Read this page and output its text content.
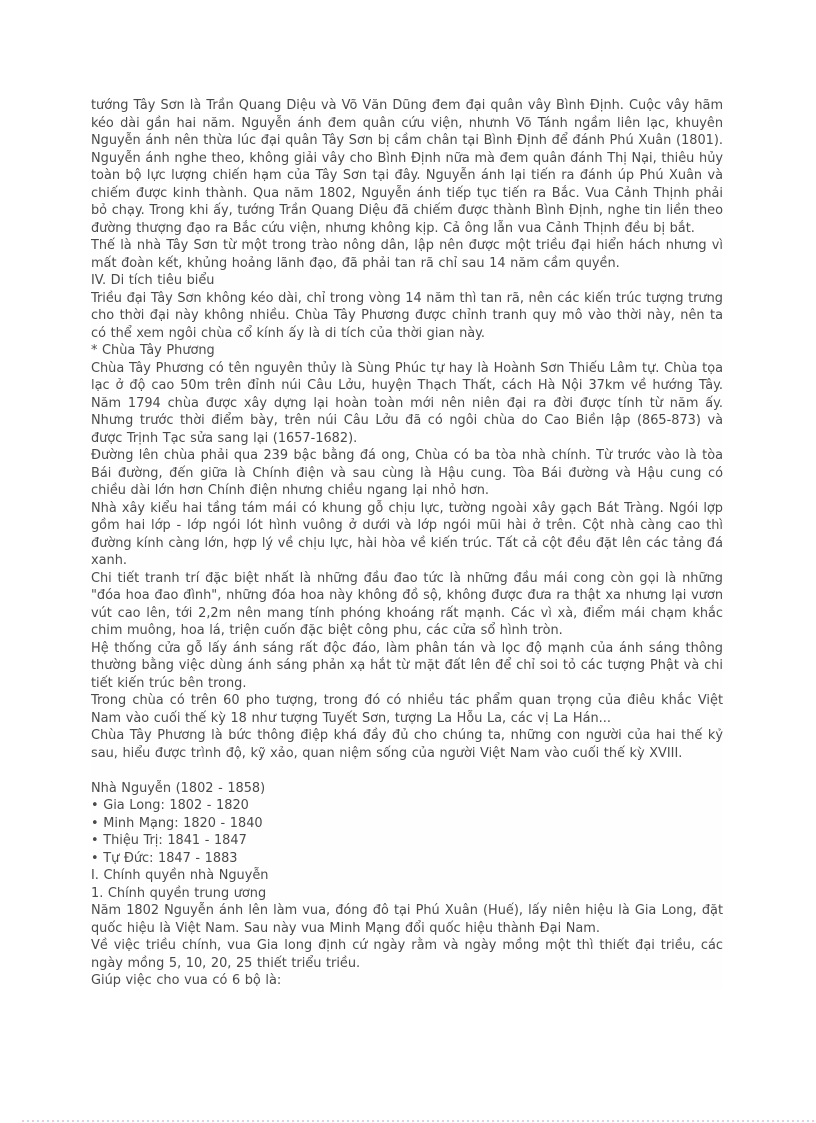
tướng Tây Sơn là Trần Quang Diệu và Võ Văn Dũng đem đại quân vây Bình Định. Cuộc vây hãm kéo dài gần hai năm. Nguyễn ánh đem quân cứu viện, nhưnh Võ Tánh ngầm liên lạc, khuyên Nguyễn ánh nên thừa lúc đại quân Tây Sơn bị cầm chân tại Bình Định để đánh Phú Xuân (1801). Nguyễn ánh nghe theo, không giải vây cho Bình Định nữa mà đem quân đánh Thị Nại, thiêu hủy toàn bộ lực lượng chiến hạm của Tây Sơn tại đây. Nguyễn ánh lại tiến ra đánh úp Phú Xuân và chiếm được kinh thành. Qua năm 1802, Nguyễn ánh tiếp tục tiến ra Bắc. Vua Cảnh Thịnh phải bỏ chạy. Trong khi ấy, tướng Trần Quang Diệu đã chiếm được thành Bình Định, nghe tin liền theo đường thượng đạo ra Bắc cứu viện, nhưng không kịp. Cả ông lẫn vua Cảnh Thịnh đều bị bắt.

Thế là nhà Tây Sơn từ một trong trào nông dân, lập nên được một triều đại hiển hách nhưng vì mất đoàn kết, khủng hoảng lãnh đạo, đã phải tan rã chỉ sau 14 năm cầm quyền.

IV. Di tích tiêu biểu

Triều đại Tây Sơn không kéo dài, chỉ trong vòng 14 năm thì tan rã, nên các kiến trúc tượng trưng cho thời đại này không nhiều. Chùa Tây Phương được chỉnh tranh quy mô vào thời này, nên ta có thể xem ngôi chùa cổ kính ấy là di tích của thời gian này.

* Chùa Tây Phương

Chùa Tây Phương có tên nguyên thủy là Sùng Phúc tự hay là Hoành Sơn Thiếu Lâm tự. Chùa tọa lạc ở độ cao 50m trên đỉnh núi Câu Lởu, huyện Thạch Thất, cách Hà Nội 37km về hướng Tây. Năm 1794 chùa được xây dựng lại hoàn toàn mới nên niên đại ra đời được tính từ năm ấy. Nhưng trước thời điểm bày, trên núi Câu Lởu đã có ngôi chùa do Cao Biền lập (865-873) và được Trịnh Tạc sửa sang lại (1657-1682).

Đường lên chùa phải qua 239 bậc bằng đá ong, Chùa có ba tòa nhà chính. Từ trước vào là tòa Bái đường, đến giữa là Chính điện và sau cùng là Hậu cung. Tòa Bái đường và Hậu cung có chiều dài lớn hơn Chính điện nhưng chiều ngang lại nhỏ hơn.

Nhà xây kiểu hai tầng tám mái có khung gỗ chịu lực, tường ngoài xây gạch Bát Tràng. Ngói lợp gồm hai lớp - lớp ngói lót hình vuông ở dưới và lớp ngói mũi hài ở trên. Cột nhà càng cao thì đường kính càng lớn, hợp lý về chịu lực, hài hòa về kiến trúc. Tất cả cột đều đặt lên các tảng đá xanh.

Chi tiết tranh trí đặc biệt nhất là những đầu đao tức là những đầu mái cong còn gọi là những "đóa hoa đao đình", những đóa hoa này không đồ sộ, không được đưa ra thật xa nhưng lại vươn vút cao lên, tới 2,2m nên mang tính phóng khoáng rất mạnh. Các vì xà, điểm mái chạm khắc chim muông, hoa lá, triện cuốn đặc biệt công phu, các cửa sổ hình tròn.

Hệ thống cửa gỗ lấy ánh sáng rất độc đáo, làm phân tán và lọc độ mạnh của ánh sáng thông thường bằng việc dùng ánh sáng phản xạ hắt từ mặt đất lên để chỉ soi tỏ các tượng Phật và chi tiết kiến trúc bên trong.

Trong chùa có trên 60 pho tượng, trong đó có nhiều tác phẩm quan trọng của điêu khắc Việt Nam vào cuối thế kỳ 18 như tượng Tuyết Sơn, tượng La Hỗu La, các vị La Hán...

Chùa Tây Phương là bức thông điệp khá đầy đủ cho chúng ta, những con người của hai thế kỷ sau, hiểu được trình độ, kỹ xảo, quan niệm sống của người Việt Nam vào cuối thế kỳ XVIII.

Nhà Nguyễn (1802 - 1858)

• Gia Long: 1802 - 1820

• Minh Mạng: 1820 - 1840

• Thiệu Trị: 1841 - 1847

• Tự Đức: 1847 - 1883

I. Chính quyền nhà Nguyễn

1. Chính quyền trung ương

Năm 1802 Nguyễn ánh lên làm vua, đóng đô tại Phú Xuân (Huế), lấy niên hiệu là Gia Long, đặt quốc hiệu là Việt Nam. Sau này vua Minh Mạng đổi quốc hiệu thành Đại Nam.

Về việc triều chính, vua Gia long định cứ ngày rằm và ngày mồng một thì thiết đại triều, các ngày mồng 5, 10, 20, 25 thiết triểu triều.

Giúp việc cho vua có 6 bộ là:
